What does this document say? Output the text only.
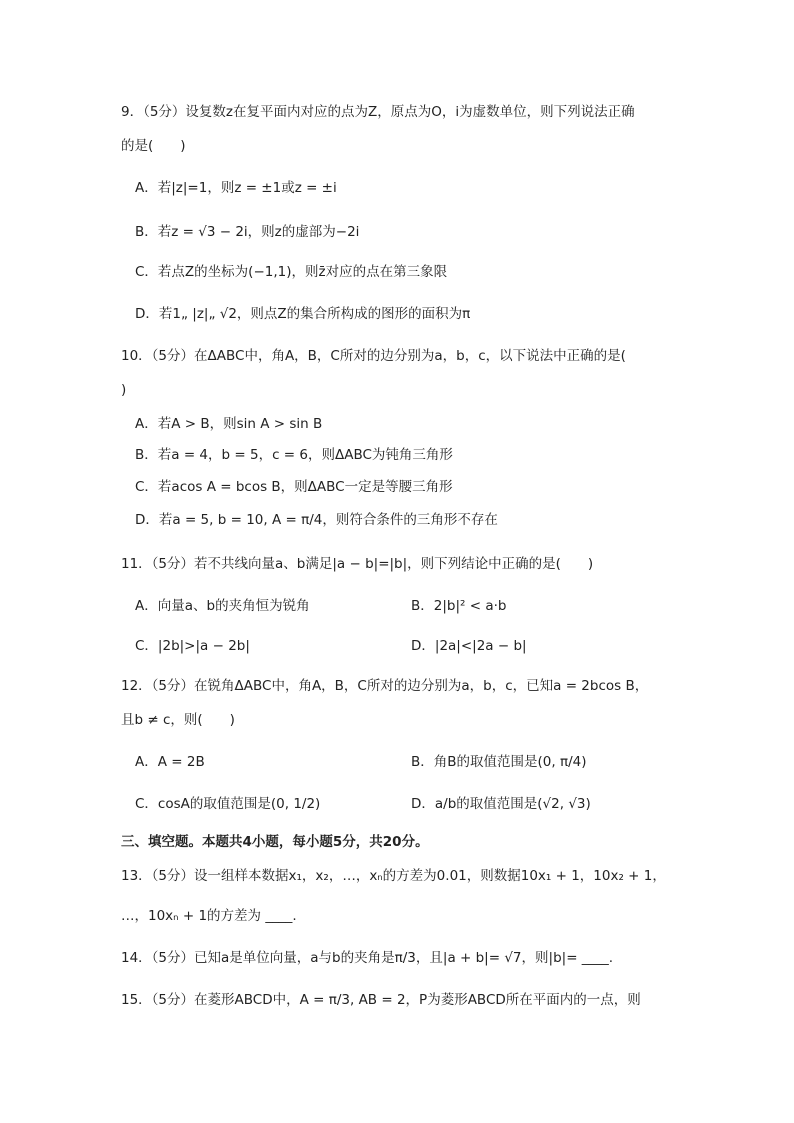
9．（5分）设复数z在复平面内对应的点为Z，原点为O，i为虚数单位，则下列说法正确
的是(　　)
A．若|z|=1，则z = ±1或z = ±i
B．若z = √3 − 2i，则z的虚部为−2i
C．若点Z的坐标为(−1,1)，则z̄对应的点在第三象限
D．若1„ |z|„ √2，则点Z的集合所构成的图形的面积为π
10．（5分）在ΔABC中，角A，B，C所对的边分别为a，b，c，以下说法中正确的是(
)
A．若A > B，则sin A > sin B
B．若a = 4，b = 5，c = 6，则ΔABC为钝角三角形
C．若acos A = bcos B，则ΔABC一定是等腰三角形
D．若a = 5, b = 10, A = π/4，则符合条件的三角形不存在
11．（5分）若不共线向量a、b满足|a − b|=|b|，则下列结论中正确的是(　　)
A．向量a、b的夹角恒为锐角	B．2|b|² < a·b
C．|2b|>|a − 2b|	D．|2a|<|2a − b|
12．（5分）在锐角ΔABC中，角A，B，C所对的边分别为a，b，c，已知a = 2bcos B，
且b ≠ c，则(　　)
A．A = 2B	B．角B的取值范围是(0, π/4)
C．cosA的取值范围是(0, 1/2)	D．a/b的取值范围是(√2, √3)
三、填空题。本题共4小题，每小题5分，共20分。
13．（5分）设一组样本数据x₁，x₂，…，xₙ的方差为0.01，则数据10x₁ + 1，10x₂ + 1，
…，10xₙ + 1的方差为 ____.
14．（5分）已知a是单位向量，a与b的夹角是π/3，且|a + b|= √7，则|b|= ____.
15．（5分）在菱形ABCD中，A = π/3, AB = 2，P为菱形ABCD所在平面内的一点，则
